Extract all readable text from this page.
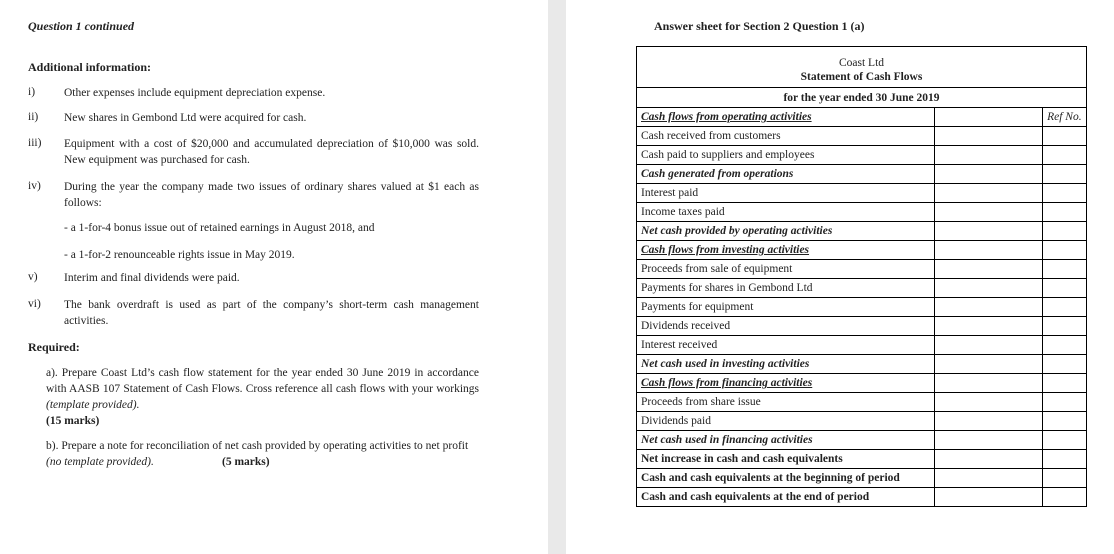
Question 1 continued
Additional information:
i)	Other expenses include equipment depreciation expense.
ii) New shares in Gembond Ltd were acquired for cash.
iii) Equipment with a cost of $20,000 and accumulated depreciation of $10,000 was sold. New equipment was purchased for cash.
iv) During the year the company made two issues of ordinary shares valued at $1 each as follows:
- a 1-for-4 bonus issue out of retained earnings in August 2018, and
- a 1-for-2 renounceable rights issue in May 2019.
v) Interim and final dividends were paid.
vi) The bank overdraft is used as part of the company’s short-term cash management activities.
Required:
a). Prepare Coast Ltd’s cash flow statement for the year ended 30 June 2019 in accordance with AASB 107 Statement of Cash Flows. Cross reference all cash flows with your workings (template provided).
(15 marks)
b). Prepare a note for reconciliation of net cash provided by operating activities to net profit
(no template provided).	(5 marks)
Answer sheet for Section 2 Question 1 (a)
Coast Ltd
Statement of Cash Flows		

for the year ended 30 June 2019		
Cash flows from operating activities		Ref No.
Cash received from customers		
Cash paid to suppliers and employees		
Cash generated from operations		
Interest paid		
Income taxes paid		
Net cash provided by operating activities		
Cash flows from investing activities		
Proceeds from sale of equipment		
Payments for shares in Gembond Ltd		
Payments for equipment		
Dividends received		
Interest received		
Net cash used in investing activities		
Cash flows from financing activities		
Proceeds from share issue		
Dividends paid		
Net cash used in financing activities		
Net increase in cash and cash equivalents		
Cash and cash equivalents at the beginning of period		
Cash and cash equivalents at the end of period		
